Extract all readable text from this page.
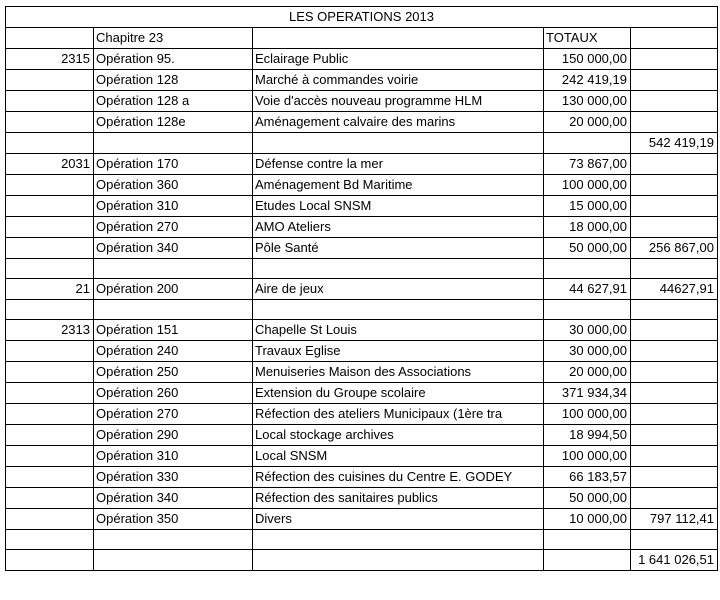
LES OPERATIONS 2013				
	Chapitre 23		TOTAUX	
2315	Opération 95.	Eclairage Public	150 000,00	
	Opération 128	Marché à commandes voirie	242 419,19	
	Opération 128 a	Voie d'accès nouveau programme HLM	130 000,00	
	Opération 128e	Aménagement calvaire des marins	20 000,00	
				542 419,19
2031	Opération 170	Défense contre la mer	73 867,00	
	Opération 360	Aménagement Bd Maritime	100 000,00	
	Opération 310	Etudes Local SNSM	15 000,00	
	Opération 270	AMO Ateliers	18 000,00	
	Opération 340	Pôle Santé	50 000,00	256 867,00

21	Opération 200	Aire de jeux	44 627,91	44627,91

2313	Opération 151	Chapelle St Louis	30 000,00	
	Opération 240	Travaux Eglise	30 000,00	
	Opération 250	Menuiseries Maison des Associations	20 000,00	
	Opération 260	Extension du Groupe scolaire	371 934,34	
	Opération 270	Réfection des ateliers Municipaux (1ère tra	100 000,00	
	Opération 290	Local stockage archives	18 994,50	
	Opération 310	Local SNSM	100 000,00	
	Opération 330	Réfection des cuisines du Centre E. GODEY	66 183,57	
	Opération 340	Réfection des sanitaires publics	50 000,00	
	Opération 350	Divers	10 000,00	797 112,41

				1 641 026,51
